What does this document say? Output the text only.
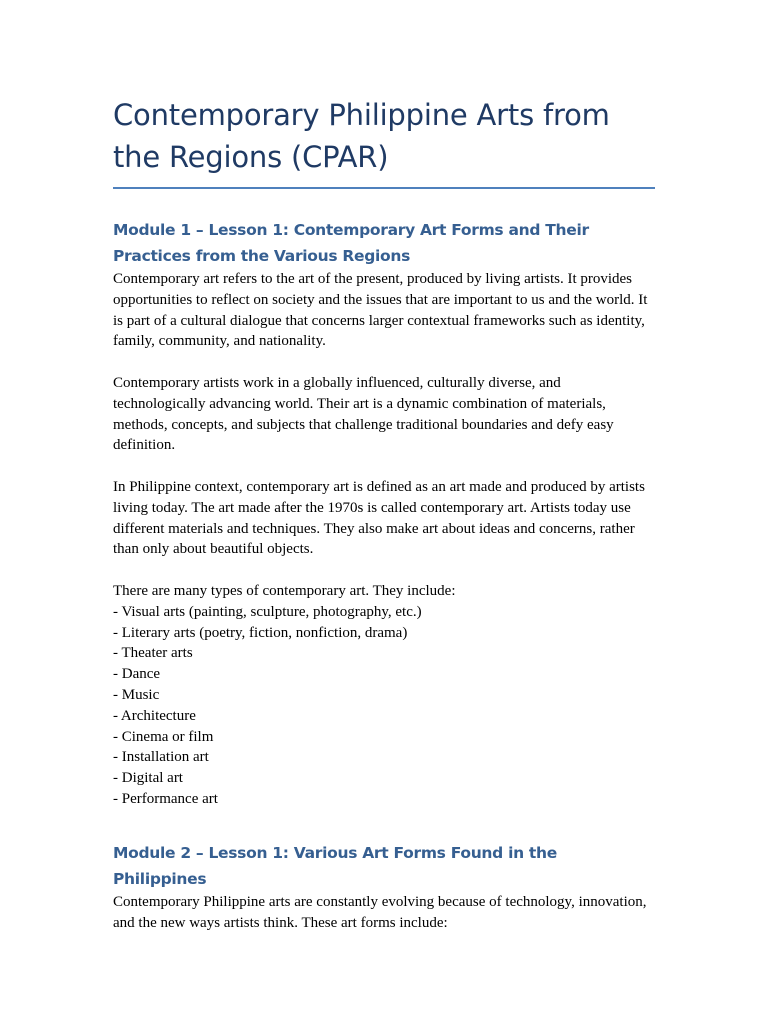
Contemporary Philippine Arts from the Regions (CPAR)
Module 1 – Lesson 1: Contemporary Art Forms and Their Practices from the Various Regions

Contemporary art refers to the art of the present, produced by living artists. It provides opportunities to reflect on society and the issues that are important to us and the world. It is part of a cultural dialogue that concerns larger contextual frameworks such as identity, family, community, and nationality.

Contemporary artists work in a globally influenced, culturally diverse, and technologically advancing world. Their art is a dynamic combination of materials, methods, concepts, and subjects that challenge traditional boundaries and defy easy definition.

In Philippine context, contemporary art is defined as an art made and produced by artists living today. The art made after the 1970s is called contemporary art. Artists today use different materials and techniques. They also make art about ideas and concerns, rather than only about beautiful objects.

There are many types of contemporary art. They include:

- Visual arts (painting, sculpture, photography, etc.)
- Literary arts (poetry, fiction, nonfiction, drama)
- Theater arts
- Dance
- Music
- Architecture
- Cinema or film
- Installation art
- Digital art
- Performance art
Module 2 – Lesson 1: Various Art Forms Found in the Philippines

Contemporary Philippine arts are constantly evolving because of technology, innovation, and the new ways artists think. These art forms include:
